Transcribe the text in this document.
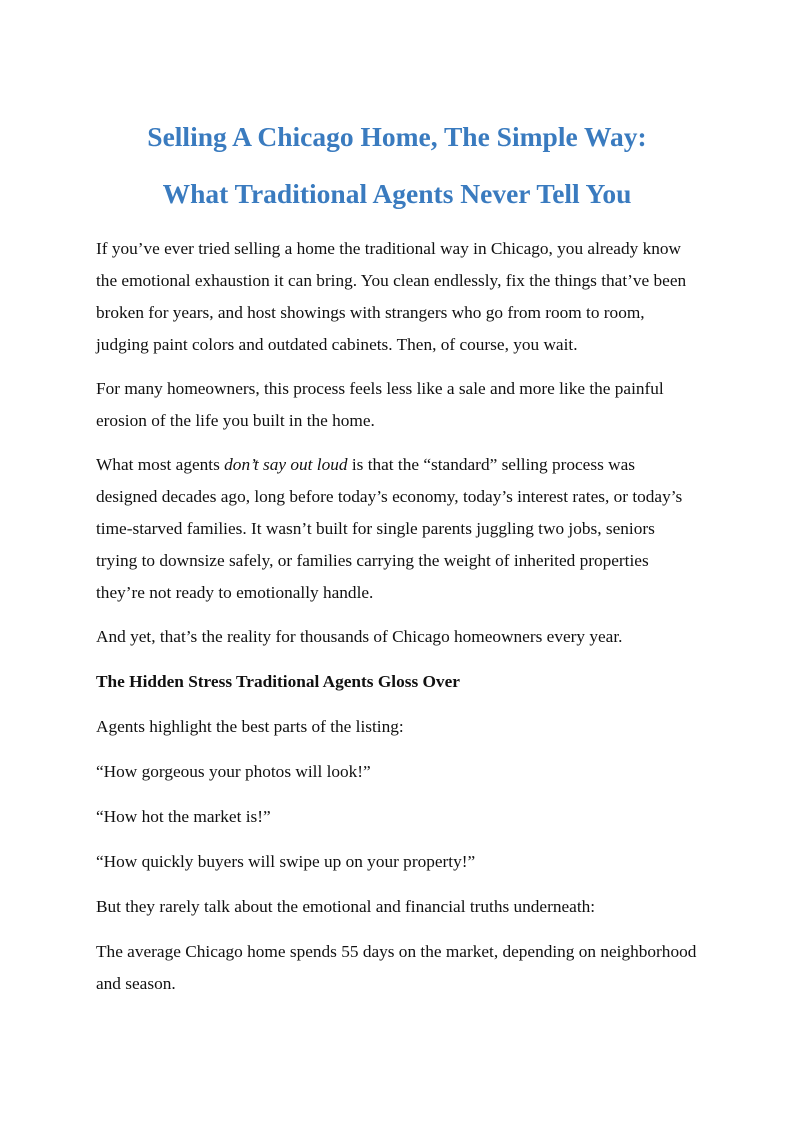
Selling A Chicago Home, The Simple Way:
What Traditional Agents Never Tell You

If you’ve ever tried selling a home the traditional way in Chicago, you already know the emotional exhaustion it can bring. You clean endlessly, fix the things that’ve been broken for years, and host showings with strangers who go from room to room, judging paint colors and outdated cabinets. Then, of course, you wait.

For many homeowners, this process feels less like a sale and more like the painful erosion of the life you built in the home.

What most agents don’t say out loud is that the “standard” selling process was designed decades ago, long before today’s economy, today’s interest rates, or today’s time-starved families. It wasn’t built for single parents juggling two jobs, seniors trying to downsize safely, or families carrying the weight of inherited properties they’re not ready to emotionally handle.

And yet, that’s the reality for thousands of Chicago homeowners every year.

The Hidden Stress Traditional Agents Gloss Over

Agents highlight the best parts of the listing:

“How gorgeous your photos will look!”

“How hot the market is!”

“How quickly buyers will swipe up on your property!”

But they rarely talk about the emotional and financial truths underneath:

The average Chicago home spends 55 days on the market, depending on neighborhood and season.
